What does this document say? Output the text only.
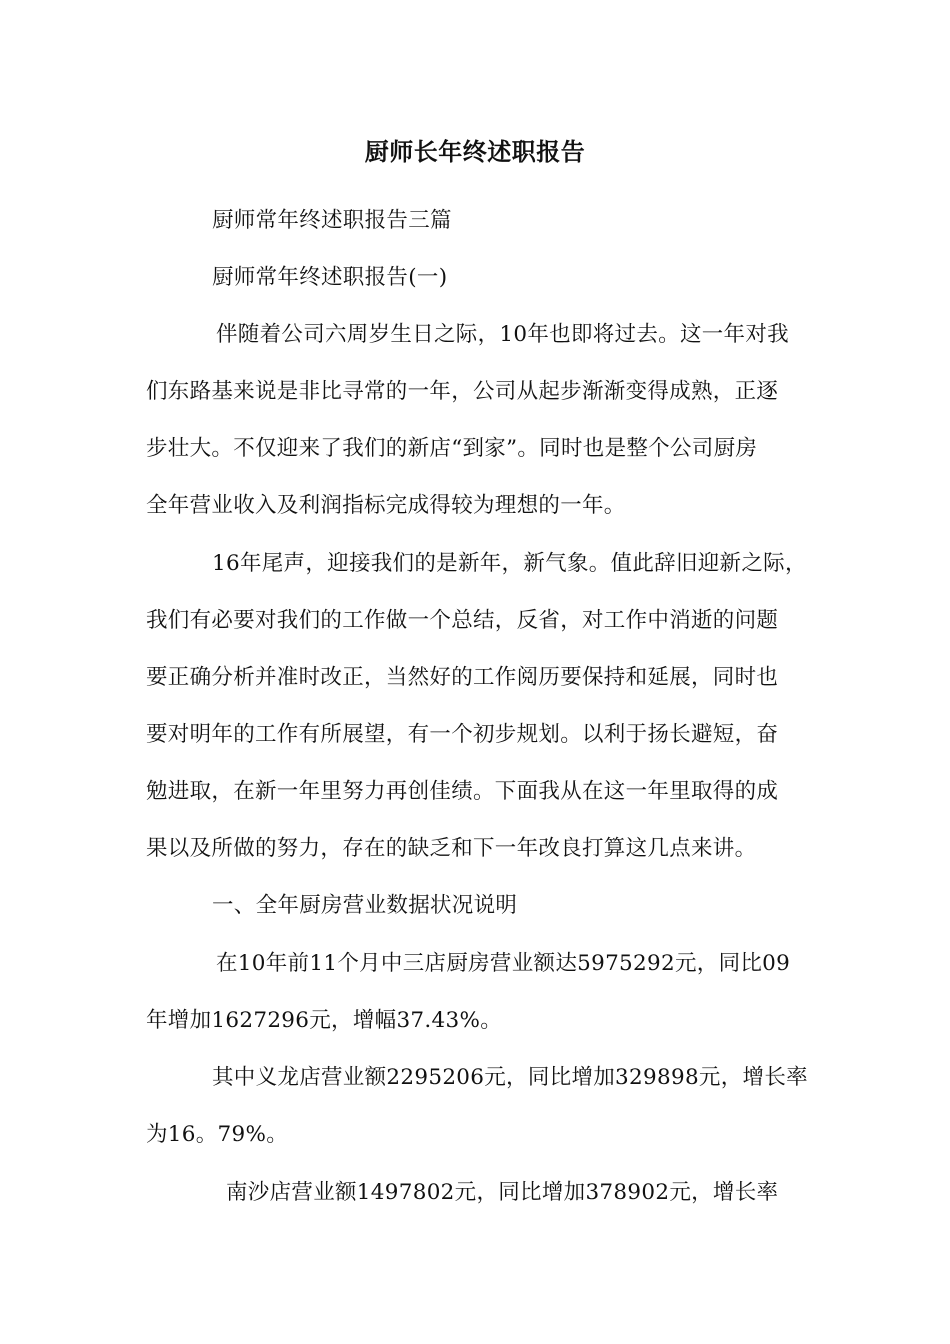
厨师长年终述职报告
厨师常年终述职报告三篇
厨师常年终述职报告(一)
伴随着公司六周岁生日之际，10年也即将过去。这一年对我
们东路基来说是非比寻常的一年，公司从起步渐渐变得成熟，正逐
步壮大。不仅迎来了我们的新店“到家”。同时也是整个公司厨房
全年营业收入及利润指标完成得较为理想的一年。
16年尾声，迎接我们的是新年，新气象。值此辞旧迎新之际，
我们有必要对我们的工作做一个总结，反省，对工作中消逝的问题
要正确分析并准时改正，当然好的工作阅历要保持和延展，同时也
要对明年的工作有所展望，有一个初步规划。以利于扬长避短，奋
勉进取，在新一年里努力再创佳绩。下面我从在这一年里取得的成
果以及所做的努力，存在的缺乏和下一年改良打算这几点来讲。
一、全年厨房营业数据状况说明
在10年前11个月中三店厨房营业额达5975292元，同比09
年增加1627296元，增幅37.43%。
其中义龙店营业额2295206元，同比增加329898元，增长率
为16。79%。
南沙店营业额1497802元，同比增加378902元，增长率
